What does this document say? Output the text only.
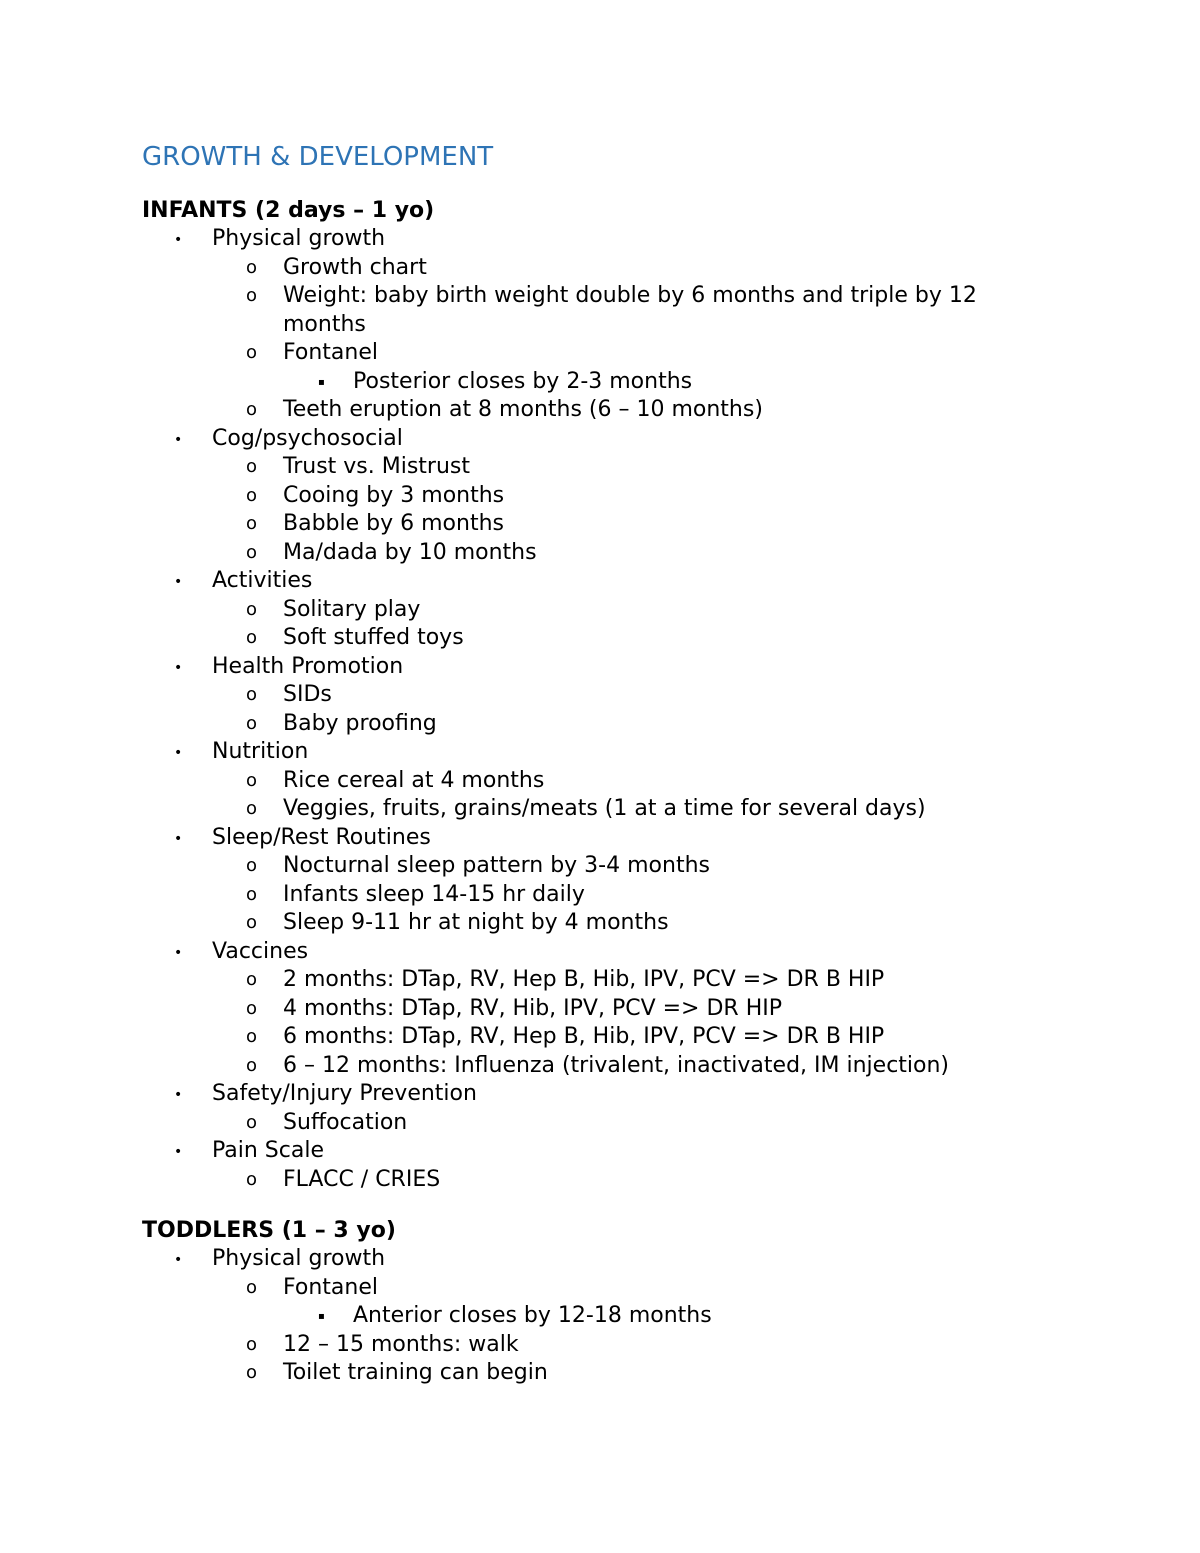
GROWTH & DEVELOPMENT
INFANTS (2 days – 1 yo)
• Physical growth
o Growth chart
o Weight: baby birth weight double by 6 months and triple by 12 months
o Fontanel
▪ Posterior closes by 2-3 months
o Teeth eruption at 8 months (6 – 10 months)
• Cog/psychosocial
o Trust vs. Mistrust
o Cooing by 3 months
o Babble by 6 months
o Ma/dada by 10 months
• Activities
o Solitary play
o Soft stuffed toys
• Health Promotion
o SIDs
o Baby proofing
• Nutrition
o Rice cereal at 4 months
o Veggies, fruits, grains/meats (1 at a time for several days)
• Sleep/Rest Routines
o Nocturnal sleep pattern by 3-4 months
o Infants sleep 14-15 hr daily
o Sleep 9-11 hr at night by 4 months
• Vaccines
o 2 months: DTap, RV, Hep B, Hib, IPV, PCV => DR B HIP
o 4 months: DTap, RV, Hib, IPV, PCV => DR HIP
o 6 months: DTap, RV, Hep B, Hib, IPV, PCV => DR B HIP
o 6 – 12 months: Influenza (trivalent, inactivated, IM injection)
• Safety/Injury Prevention
o Suffocation
• Pain Scale
o FLACC / CRIES
TODDLERS (1 – 3 yo)
• Physical growth
o Fontanel
▪ Anterior closes by 12-18 months
o 12 – 15 months: walk
o Toilet training can begin
